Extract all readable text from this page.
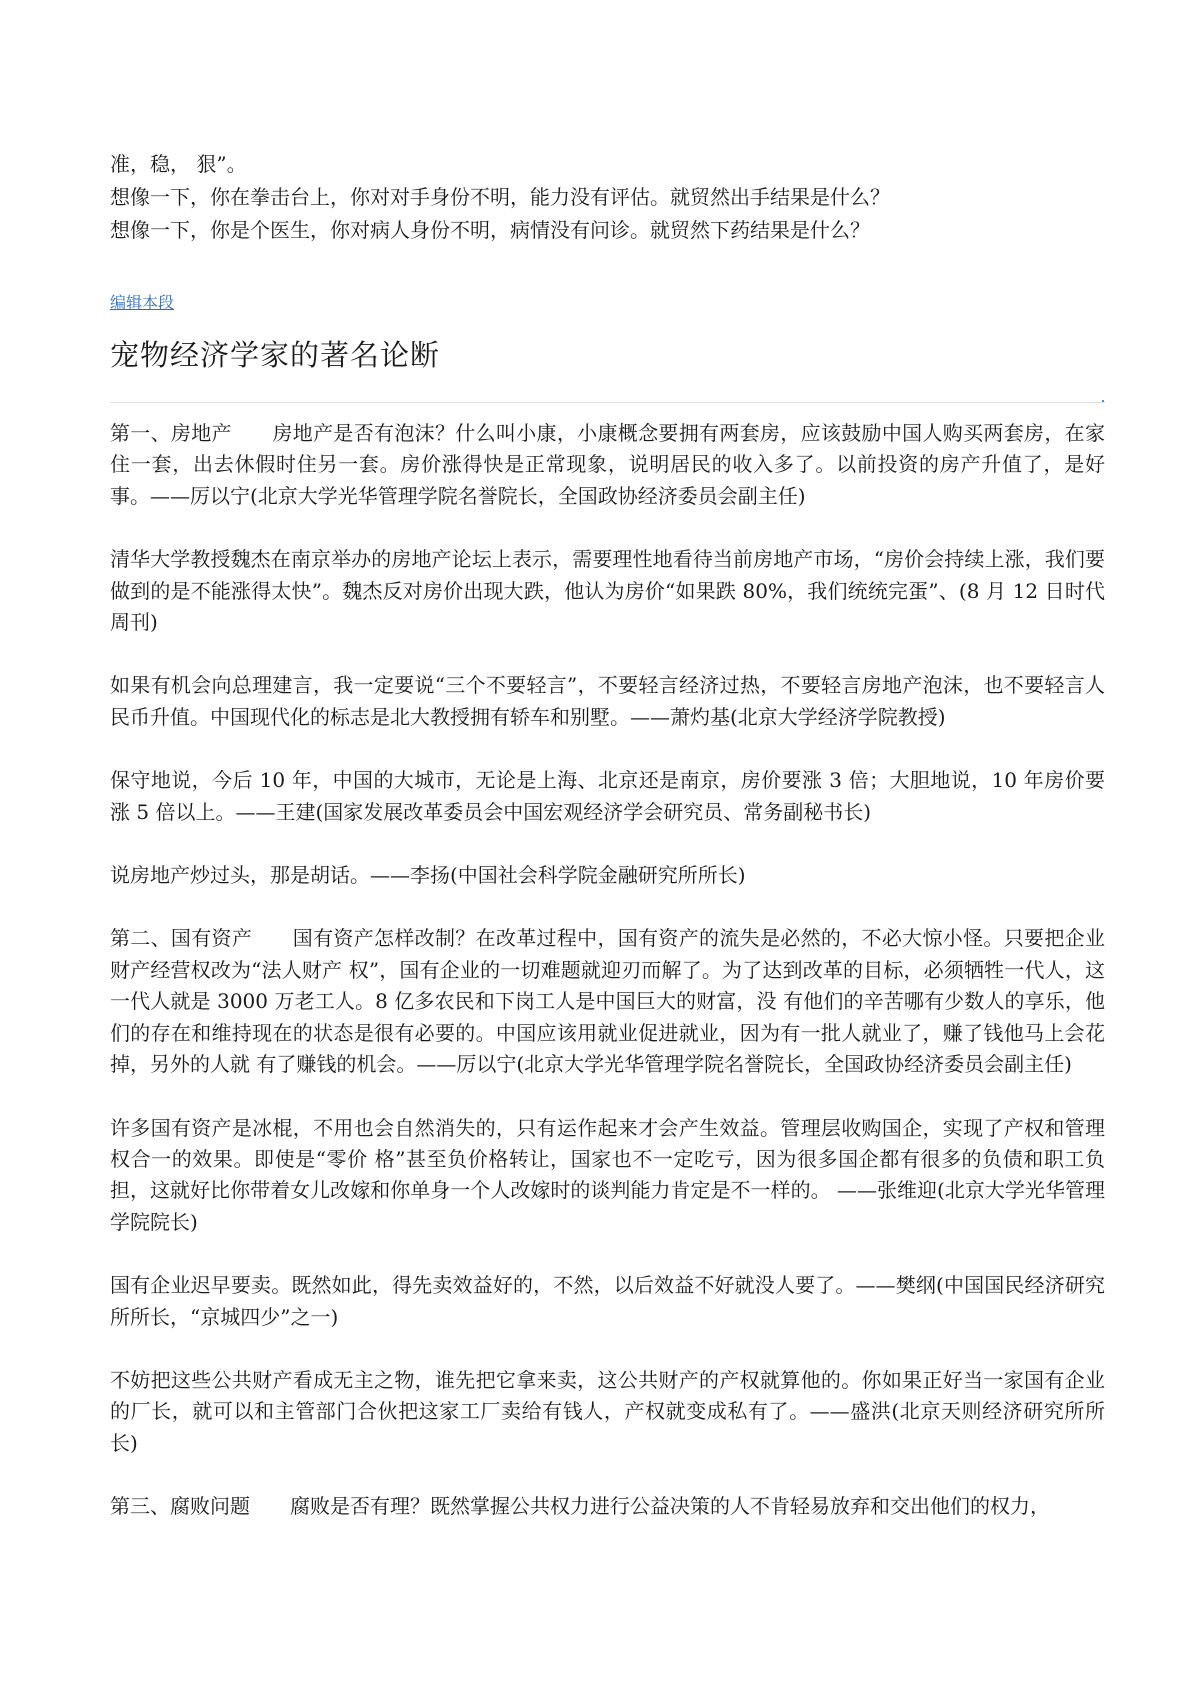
准，稳， 狠”。

想像一下，你在拳击台上，你对对手身份不明，能力没有评估。就贸然出手结果是什么？

想像一下，你是个医生，你对病人身份不明，病情没有问诊。就贸然下药结果是什么？

编辑本段
宠物经济学家的著名论断

第一、房地产　　房地产是否有泡沫？什么叫小康，小康概念要拥有两套房，应该鼓励中国人购买两套房，在家住一套，出去休假时住另一套。房价涨得快是正常现象，说明居民的收入多了。以前投资的房产升值了，是好事。——厉以宁(北京大学光华管理学院名誉院长，全国政协经济委员会副主任)

清华大学教授魏杰在南京举办的房地产论坛上表示，需要理性地看待当前房地产市场，“房价会持续上涨，我们要做到的是不能涨得太快”。魏杰反对房价出现大跌，他认为房价“如果跌 80%，我们统统完蛋”、(8 月 12 日时代周刊)

如果有机会向总理建言，我一定要说“三个不要轻言”，不要轻言经济过热，不要轻言房地产泡沫，也不要轻言人民币升值。中国现代化的标志是北大教授拥有轿车和别墅。——萧灼基(北京大学经济学院教授)

保守地说，今后 10 年，中国的大城市，无论是上海、北京还是南京，房价要涨 3 倍；大胆地说，10 年房价要涨 5 倍以上。——王建(国家发展改革委员会中国宏观经济学会研究员、常务副秘书长)

说房地产炒过头，那是胡话。——李扬(中国社会科学院金融研究所所长)

第二、国有资产　　国有资产怎样改制？在改革过程中，国有资产的流失是必然的，不必大惊小怪。只要把企业财产经营权改为“法人财产 权”，国有企业的一切难题就迎刃而解了。为了达到改革的目标，必须牺牲一代人，这一代人就是 3000 万老工人。8 亿多农民和下岗工人是中国巨大的财富，没 有他们的辛苦哪有少数人的享乐，他们的存在和维持现在的状态是很有必要的。中国应该用就业促进就业，因为有一批人就业了，赚了钱他马上会花掉，另外的人就 有了赚钱的机会。——厉以宁(北京大学光华管理学院名誉院长，全国政协经济委员会副主任)

许多国有资产是冰棍，不用也会自然消失的，只有运作起来才会产生效益。管理层收购国企，实现了产权和管理权合一的效果。即使是“零价 格”甚至负价格转让，国家也不一定吃亏，因为很多国企都有很多的负债和职工负担，这就好比你带着女儿改嫁和你单身一个人改嫁时的谈判能力肯定是不一样的。 ——张维迎(北京大学光华管理学院院长)

国有企业迟早要卖。既然如此，得先卖效益好的，不然，以后效益不好就没人要了。——樊纲(中国国民经济研究所所长，“京城四少”之一)

不妨把这些公共财产看成无主之物，谁先把它拿来卖，这公共财产的产权就算他的。你如果正好当一家国有企业的厂长，就可以和主管部门合伙把这家工厂卖给有钱人，产权就变成私有了。——盛洪(北京天则经济研究所所长)

第三、腐败问题　　腐败是否有理？既然掌握公共权力进行公益决策的人不肯轻易放弃和交出他们的权力，
